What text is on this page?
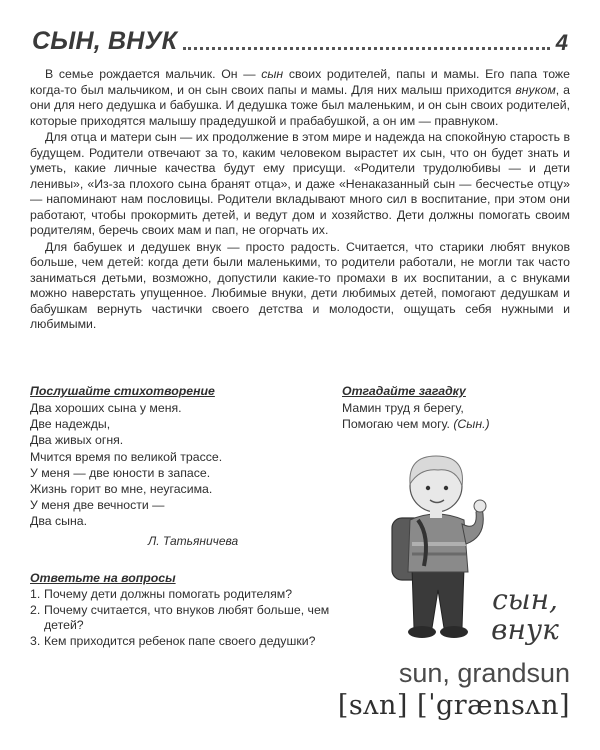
СЫН, ВНУК	4

В семье рождается мальчик. Он — сын своих родителей, папы и мамы. Его папа тоже когда-то был мальчиком, и он сын своих папы и мамы. Для них малыш приходится внуком, а они для него дедушка и бабушка. И дедушка тоже был маленьким, и он сын своих родителей, которые приходятся малышу прадедушкой и прабабушкой, а он им — правнуком.

Для отца и матери сын — их продолжение в этом мире и надежда на спокойную старость в будущем. Родители отвечают за то, каким человеком вырастет их сын, что он будет знать и уметь, какие личные качества будут ему присущи. «Родители трудолюбивы — и дети ленивы», «Из-за плохого сына бранят отца», и даже «Ненаказанный сын — бесчестье отцу» — напоминают нам пословицы. Родители вкладывают много сил в воспитание, при этом они работают, чтобы прокормить детей, и ведут дом и хозяйство. Дети должны помогать своим родителям, беречь своих мам и пап, не огорчать их.

Для бабушек и дедушек внук — просто радость. Считается, что старики любят внуков больше, чем детей: когда дети были маленькими, то родители работали, не могли так часто заниматься детьми, возможно, допустили какие-то промахи в их воспитании, а с внуками можно наверстать упущенное. Любимые внуки, дети любимых детей, помогают дедушкам и бабушкам вернуть частички своего детства и молодости, ощущать себя нужными и любимыми.

Послушайте стихотворение

Два хороших сына у меня.

Две надежды,

Два живых огня.

Мчится время по великой трассе.

У меня — две юности в запасе.

Жизнь горит во мне, неугасима.

У меня две вечности —

Два сына.

Л. Татьяничева

Отгадайте загадку

Мамин труд я берегу,

Помогаю чем могу. (Сын.)

Ответьте на вопросы

1. Почему дети должны помогать родителям?
2. Почему считается, что внуков любят больше, чем детей?
3. Кем приходится ребенок папе своего дедушки?
сын,
внук
sun, grandsun
[sʌn] [ˈgrænsʌn]
